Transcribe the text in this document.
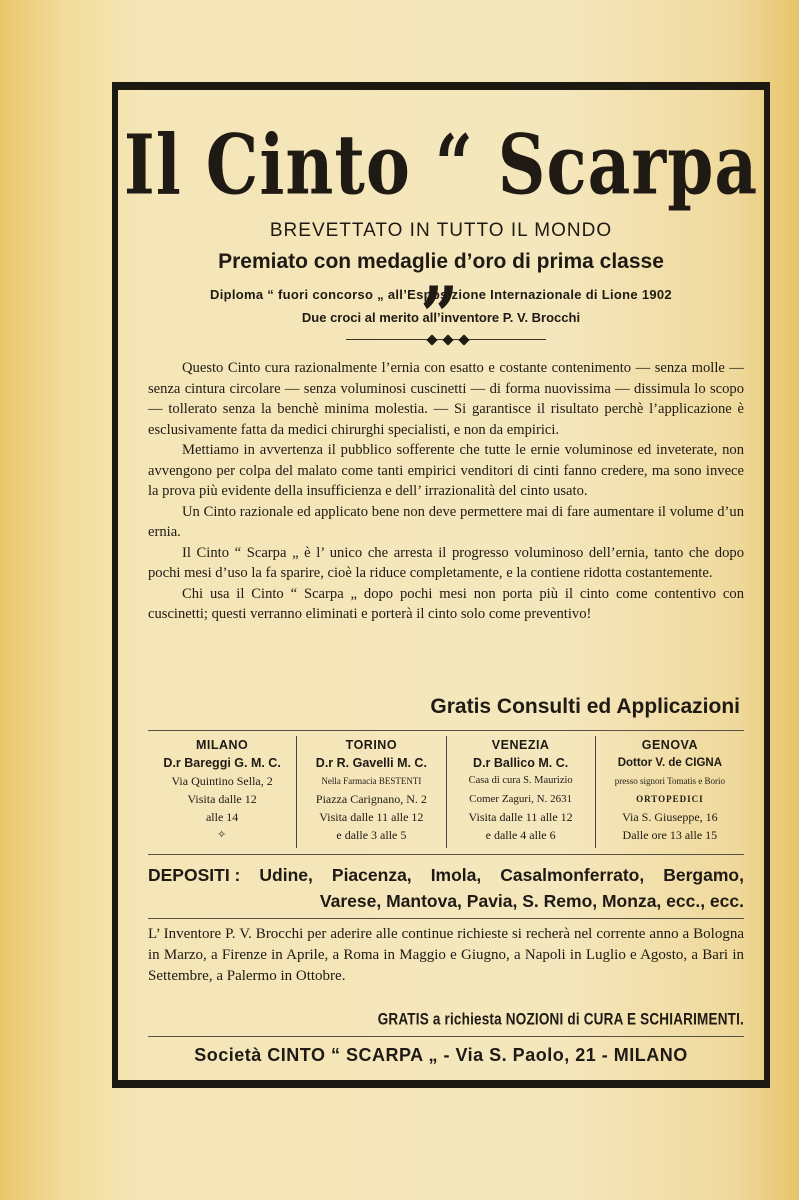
Il Cinto “ Scarpa „
BREVETTATO IN TUTTO IL MONDO
Premiato con medaglie d’oro di prima classe
Diploma “ fuori concorso „ all’Esposizione Internazionale di Lione 1902
Due croci al merito all’inventore P. V. Brocchi

Questo Cinto cura razionalmente l’ernia con esatto e costante contenimento — senza molle — senza cintura circolare — senza voluminosi cuscinetti — di forma nuovissima — dissimula lo scopo — tollerato senza la benchè minima molestia. — Si garantisce il risultato perchè l’applicazione è esclusivamente fatta da medici chirurghi specialisti, e non da empirici.

Mettiamo in avvertenza il pubblico sofferente che tutte le ernie voluminose ed inveterate, non avvengono per colpa del malato come tanti empirici venditori di cinti fanno credere, ma sono invece la prova più evidente della insufficienza e dell’ irrazionalità del cinto usato.

Un Cinto razionale ed applicato bene non deve permettere mai di fare aumentare il volume d’un ernia.

Il Cinto “ Scarpa „ è l’ unico che arresta il progresso voluminoso dell’ernia, tanto che dopo pochi mesi d’uso la fa sparire, cioè la riduce completamente, e la contiene ridotta costantemente.

Chi usa il Cinto “ Scarpa „ dopo pochi mesi non porta più il cinto come contentivo con cuscinetti; questi verranno eliminati e porterà il cinto solo come preventivo!

Gratis Consulti ed Applicazioni
MILANO
D.r Bareggi G. M. C.
Via Quintino Sella, 2
Visita dalle 12
alle 14
✧
TORINO
D.r R. Gavelli M. C.
Nella Farmacia BESTENTI
Piazza Carignano, N. 2
Visita dalle 11 alle 12
e dalle 3 alle 5
VENEZIA
D.r Ballico M. C.
Casa di cura S. Maurizio
Comer Zaguri, N. 2631
Visita dalle 11 alle 12
e dalle 4 alle 6
GENOVA
Dottor V. de CIGNA
presso signori Tomatis e Borio
ORTOPEDICI
Via S. Giuseppe, 16
Dalle ore 13 alle 15
DEPOSITI : Udine, Piacenza, Imola, Casalmonferrato, Bergamo,
Varese, Mantova, Pavia, S. Remo, Monza, ecc., ecc.
L’ Inventore P. V. Brocchi per aderire alle continue richieste si recherà nel corrente anno a Bologna in Marzo, a Firenze in Aprile, a Roma in Maggio e Giugno, a Napoli in Luglio e Agosto, a Bari in Settembre, a Palermo in Ottobre.
GRATIS a richiesta NOZIONI di CURA E SCHIARIMENTI.
Società CINTO “ SCARPA „ - Via S. Paolo, 21 - MILANO
